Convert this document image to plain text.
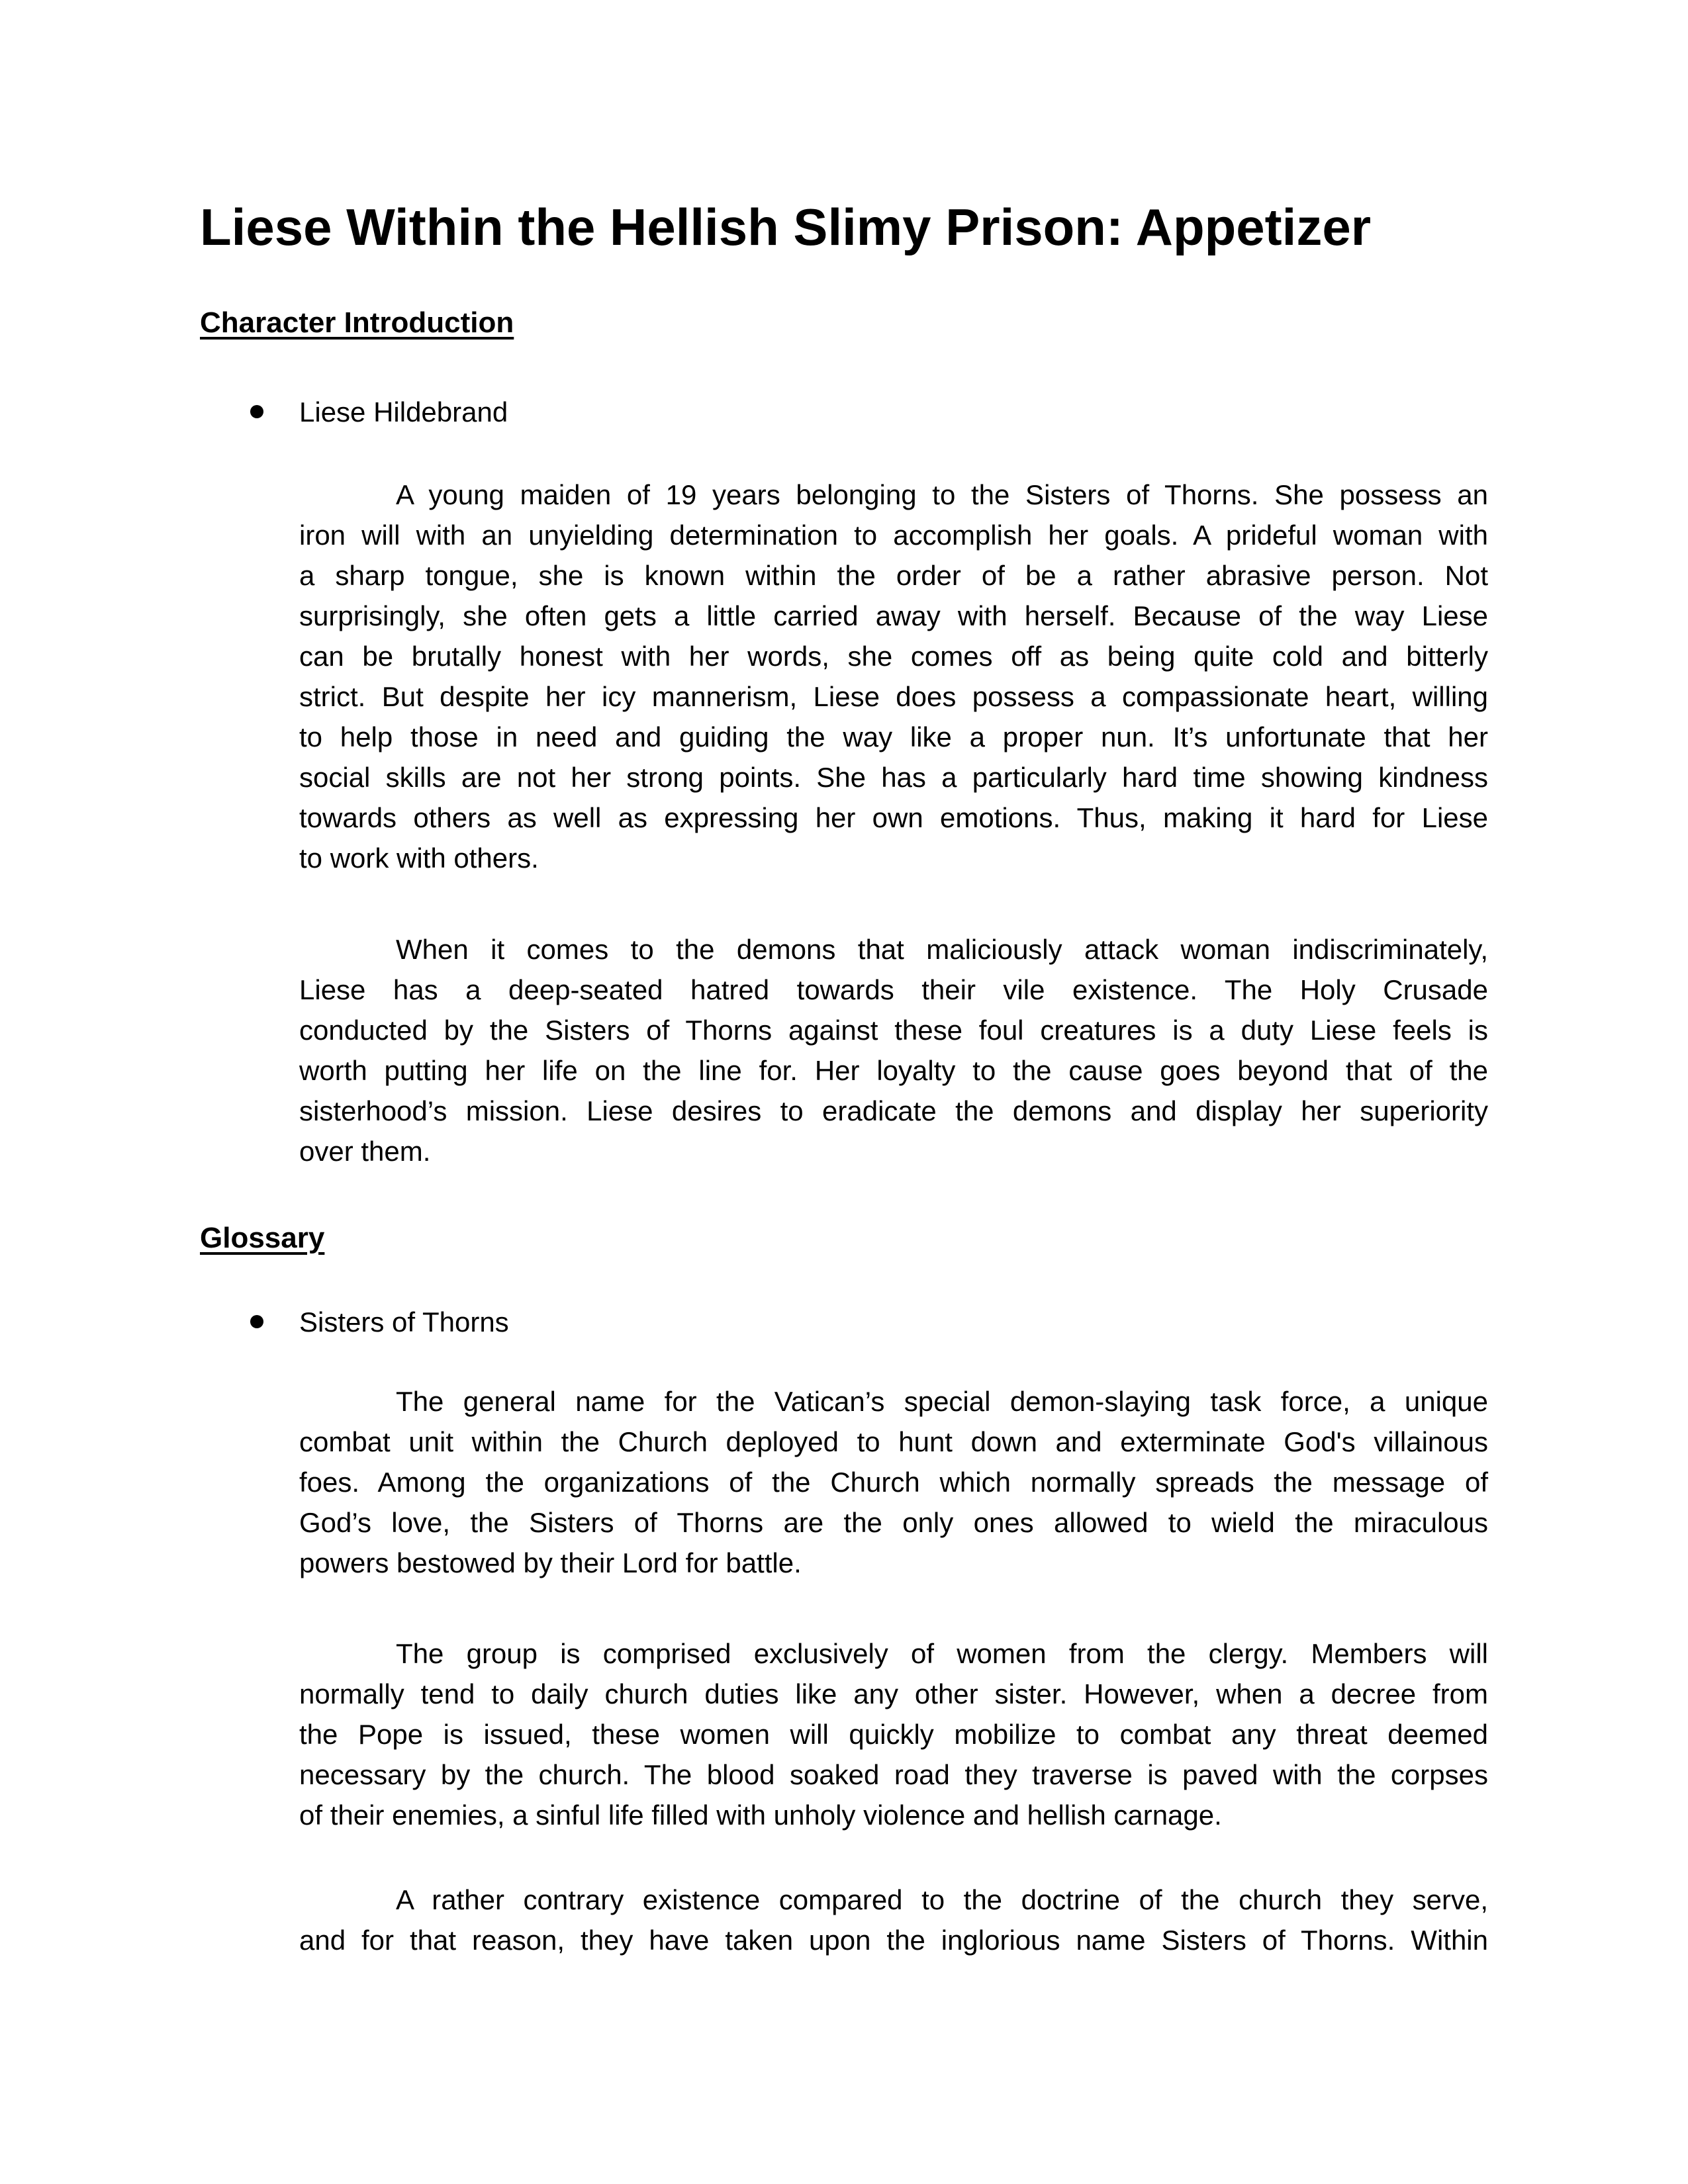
Liese Within the Hellish Slimy Prison: Appetizer
Character Introduction
Liese Hildebrand
A young maiden of 19 years belonging to the Sisters of Thorns. She possess an
iron will with an unyielding determination to accomplish her goals. A prideful woman with
a sharp tongue, she is known within the order of be a rather abrasive person. Not
surprisingly, she often gets a little carried away with herself. Because of the way Liese
can be brutally honest with her words, she comes off as being quite cold and bitterly
strict. But despite her icy mannerism, Liese does possess a compassionate heart, willing
to help those in need and guiding the way like a proper nun. It’s unfortunate that her
social skills are not her strong points. She has a particularly hard time showing kindness
towards others as well as expressing her own emotions. Thus, making it hard for Liese
to work with others.
When it comes to the demons that maliciously attack woman indiscriminately,
Liese has a deep-seated hatred towards their vile existence. The Holy Crusade
conducted by the Sisters of Thorns against these foul creatures is a duty Liese feels is
worth putting her life on the line for. Her loyalty to the cause goes beyond that of the
sisterhood’s mission. Liese desires to eradicate the demons and display her superiority
over them.
Glossary
Sisters of Thorns
The general name for the Vatican’s special demon-slaying task force, a unique
combat unit within the Church deployed to hunt down and exterminate God's villainous
foes. Among the organizations of the Church which normally spreads the message of
God’s love, the Sisters of Thorns are the only ones allowed to wield the miraculous
powers bestowed by their Lord for battle.
The group is comprised exclusively of women from the clergy. Members will
normally tend to daily church duties like any other sister. However, when a decree from
the Pope is issued, these women will quickly mobilize to combat any threat deemed
necessary by the church. The blood soaked road they traverse is paved with the corpses
of their enemies, a sinful life filled with unholy violence and hellish carnage.
A rather contrary existence compared to the doctrine of the church they serve,
and for that reason, they have taken upon the inglorious name Sisters of Thorns. Within
